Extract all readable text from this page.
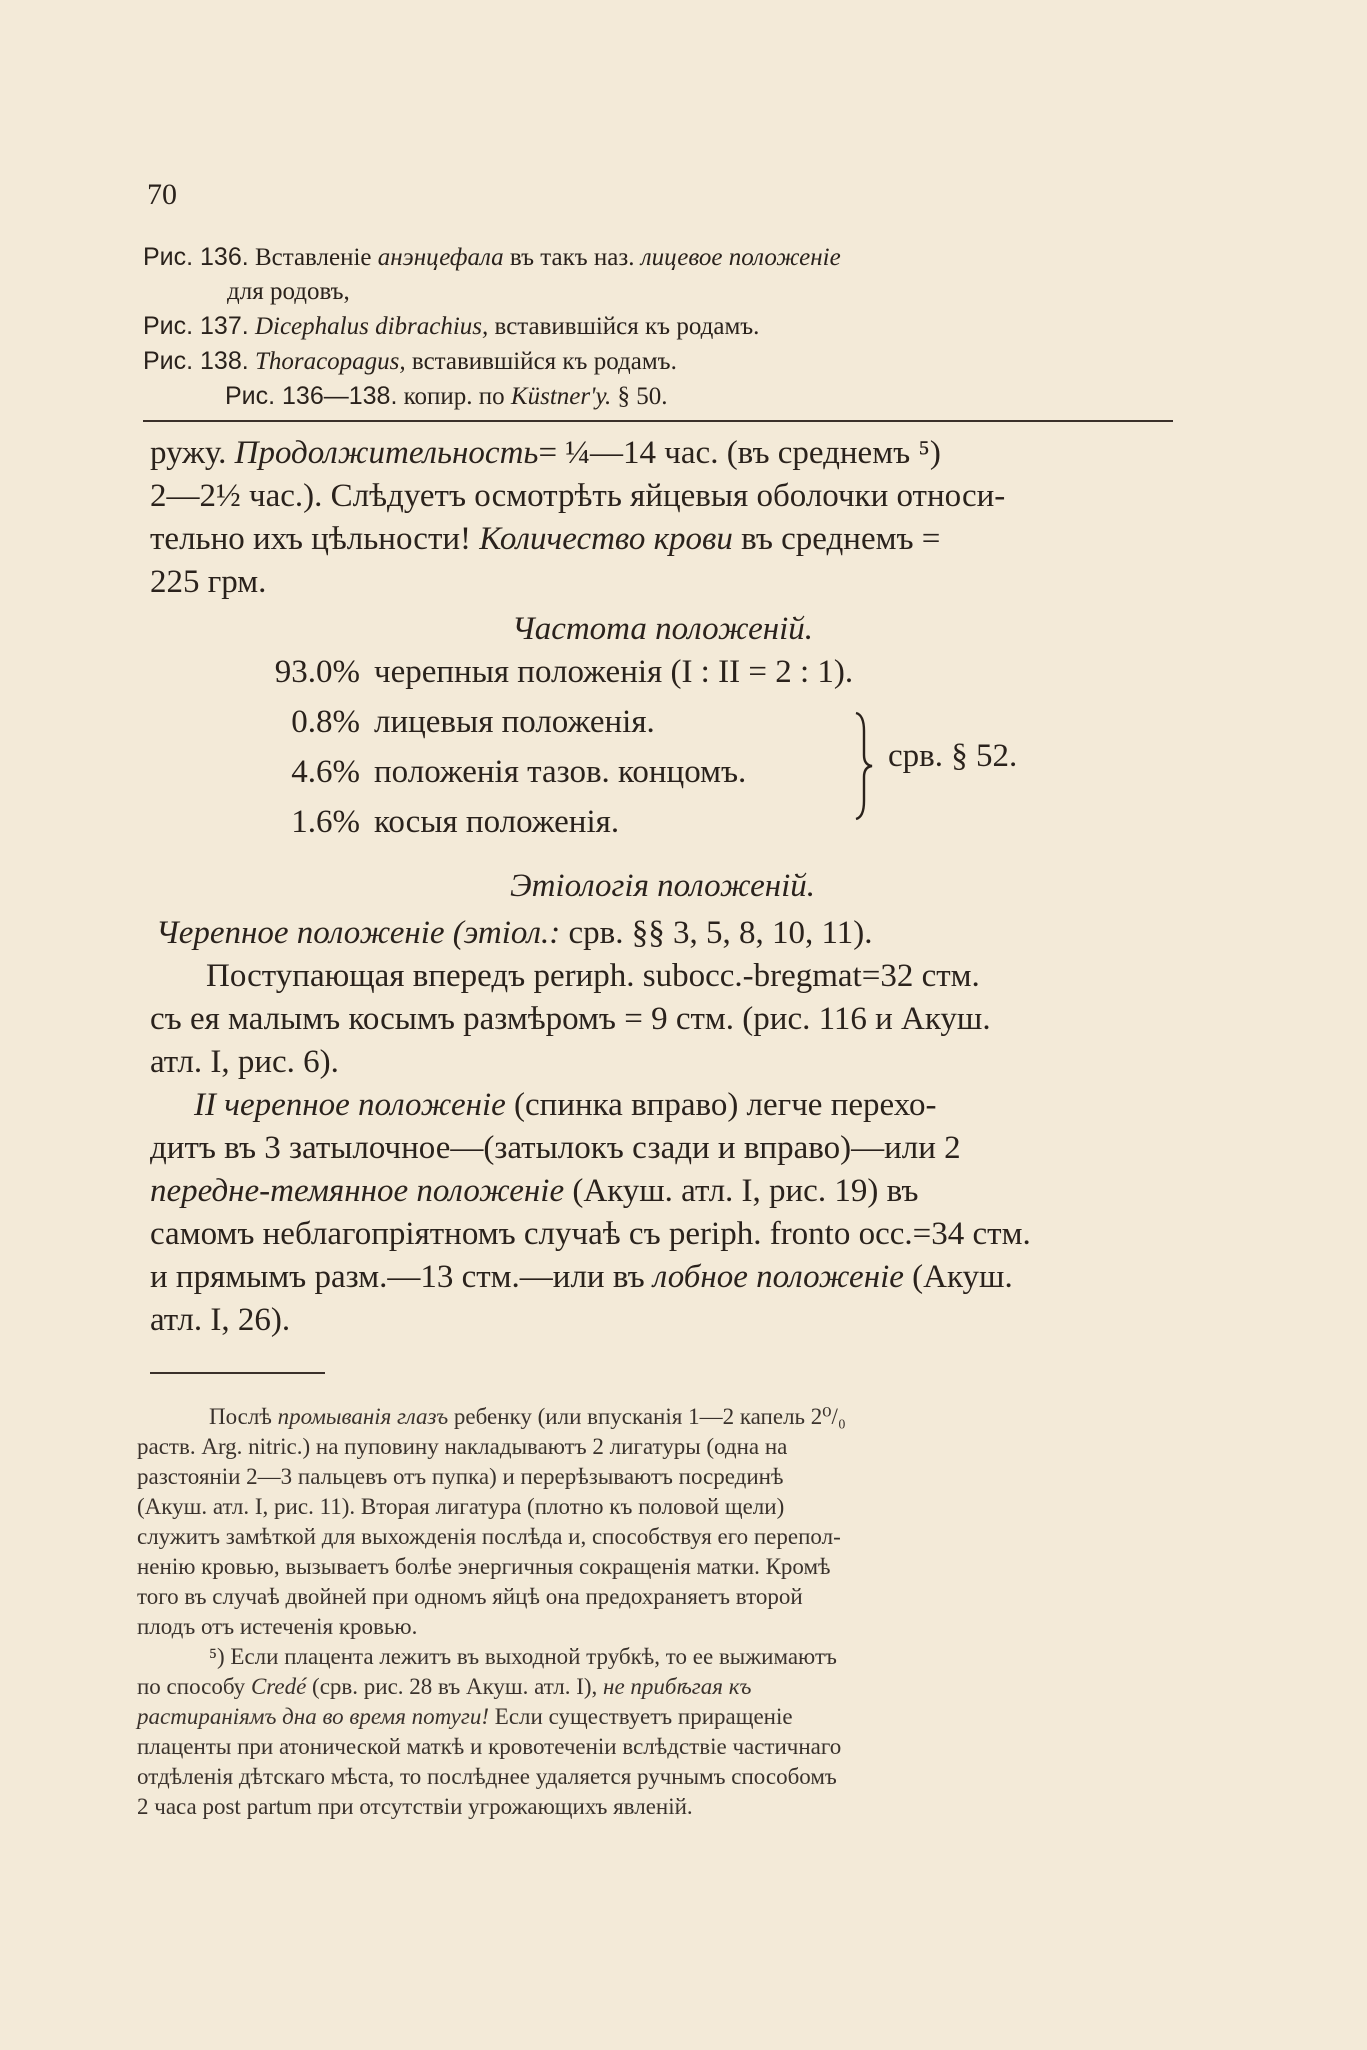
70
Рис. 136. Вставленіе анэнцефала въ такъ наз. лицевое положеніе
для родовъ,
Рис. 137. Dicephalus dibrachius, вставившійся къ родамъ.
Рис. 138. Thoracopagus, вставившійся къ родамъ.
Рис. 136—138. копир. по Küstner'у. § 50.
ружу. Продолжительность= ¼—14 час. (въ среднемъ ⁵)
2—2½ час.). Слѣдуетъ осмотрѣть яйцевыя оболочки относи-
тельно ихъ цѣльности! Количество крови въ среднемъ =
225 грм.
Частота положеній.
93.0% черепныя положенія (I : II = 2 : 1).
0.8% лицевыя положенія.
4.6% положенія тазов. концомъ.
1.6% косыя положенія.
срв. § 52.
Этіологія положеній.
Черепное положеніе (этіол.: срв. §§ 3, 5, 8, 10, 11).
Поступающая впередъ perиph. subocc.-bregmat=32 стм.
съ ея малымъ косымъ размѣромъ = 9 стм. (рис. 116 и Акуш.
атл. I, рис. 6).
II черепное положеніе (спинка вправо) легче перехо-
дитъ въ 3 затылочное—(затылокъ сзади и вправо)—или 2
передне-темянное положеніе (Акуш. атл. I, рис. 19) въ
самомъ неблагопріятномъ случаѣ съ periph. fronto occ.=34 стм.
и прямымъ разм.—13 стм.—или въ лобное положеніе (Акуш.
атл. I, 26).
Послѣ промыванія глазъ ребенку (или впусканія 1—2 капель 2⁰/₀
раств. Arg. nitric.) на пуповину накладываютъ 2 лигатуры (одна на
разстояніи 2—3 пальцевъ отъ пупка) и перерѣзываютъ посрединѣ
(Акуш. атл. I, рис. 11). Вторая лигатура (плотно къ половой щели)
служитъ замѣткой для выхожденія послѣда и, способствуя его перепол-
ненію кровью, вызываетъ болѣе энергичныя сокращенія матки. Кромѣ
того въ случаѣ двойней при одномъ яйцѣ она предохраняетъ второй
плодъ отъ истеченія кровью.
⁵) Если плацента лежитъ въ выходной трубкѣ, то ее выжимаютъ
по способу Credé (срв. рис. 28 въ Акуш. атл. I), не прибѣгая къ
растираніямъ дна во время потуги! Если существуетъ приращеніе
плаценты при атонической маткѣ и кровотеченіи вслѣдствіе частичнаго
отдѣленія дѣтскаго мѣста, то послѣднее удаляется ручнымъ способомъ
2 часа post partum при отсутствіи угрожающихъ явленій.
